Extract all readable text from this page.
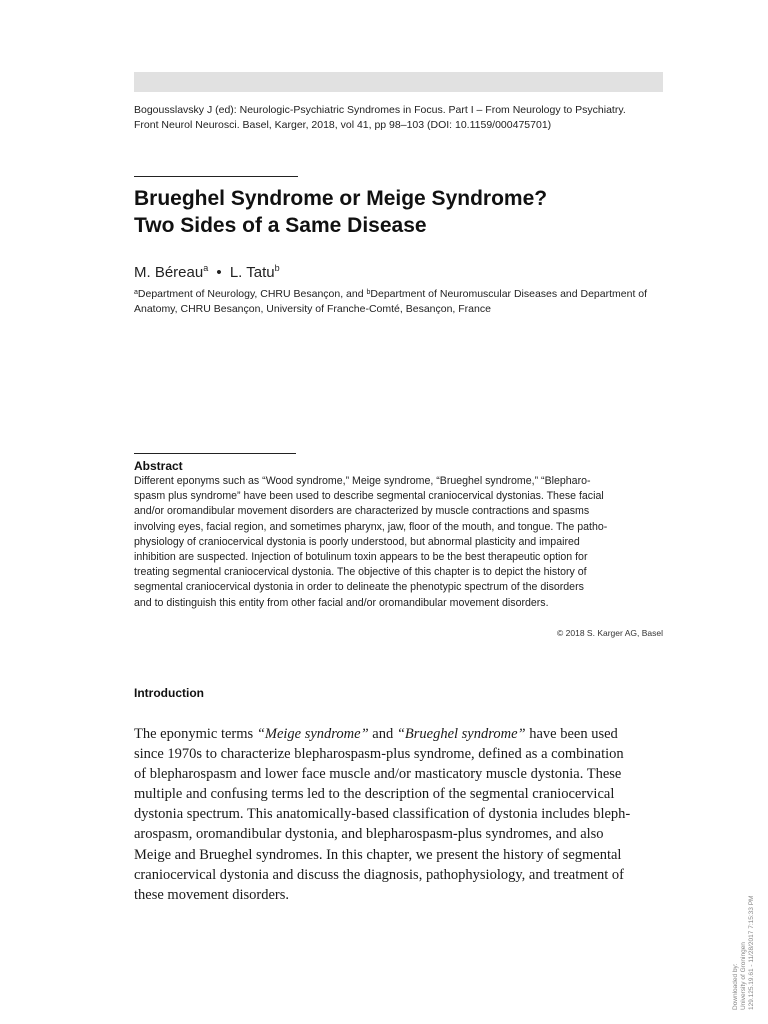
Bogousslavsky J (ed): Neurologic-Psychiatric Syndromes in Focus. Part I – From Neurology to Psychiatry.
Front Neurol Neurosci. Basel, Karger, 2018, vol 41, pp 98–103 (DOI: 10.1159/000475701)
Brueghel Syndrome or Meige Syndrome?
Two Sides of a Same Disease
M. Béreau$^a$ • L. Tatu$^b$
$^a$Department of Neurology, CHRU Besançon, and $^b$Department of Neuromuscular Diseases and Department of
Anatomy, CHRU Besançon, University of Franche-Comté, Besançon, France
Abstract
Different eponyms such as “Wood syndrome,” Meige syndrome, “Brueghel syndrome,” “Blepharo-
spasm plus syndrome” have been used to describe segmental craniocervical dystonias. These facial
and/or oromandibular movement disorders are characterized by muscle contractions and spasms
involving eyes, facial region, and sometimes pharynx, jaw, floor of the mouth, and tongue. The patho-
physiology of craniocervical dystonia is poorly understood, but abnormal plasticity and impaired
inhibition are suspected. Injection of botulinum toxin appears to be the best therapeutic option for
treating segmental craniocervical dystonia. The objective of this chapter is to depict the history of
segmental craniocervical dystonia in order to delineate the phenotypic spectrum of the disorders
and to distinguish this entity from other facial and/or oromandibular movement disorders.
© 2018 S. Karger AG, Basel
Introduction
The eponymic terms “Meige syndrome” and “Brueghel syndrome” have been used
since 1970s to characterize blepharospasm-plus syndrome, defined as a combination
of blepharospasm and lower face muscle and/or masticatory muscle dystonia. These
multiple and confusing terms led to the description of the segmental craniocervical
dystonia spectrum. This anatomically-based classification of dystonia includes bleph-
arospasm, oromandibular dystonia, and blepharospasm-plus syndromes, and also
Meige and Brueghel syndromes. In this chapter, we present the history of segmental
craniocervical dystonia and discuss the diagnosis, pathophysiology, and treatment of
these movement disorders.
Downloaded by: University of Groningen 129.125.19.61 - 11/28/2017 7:15:33 PM
